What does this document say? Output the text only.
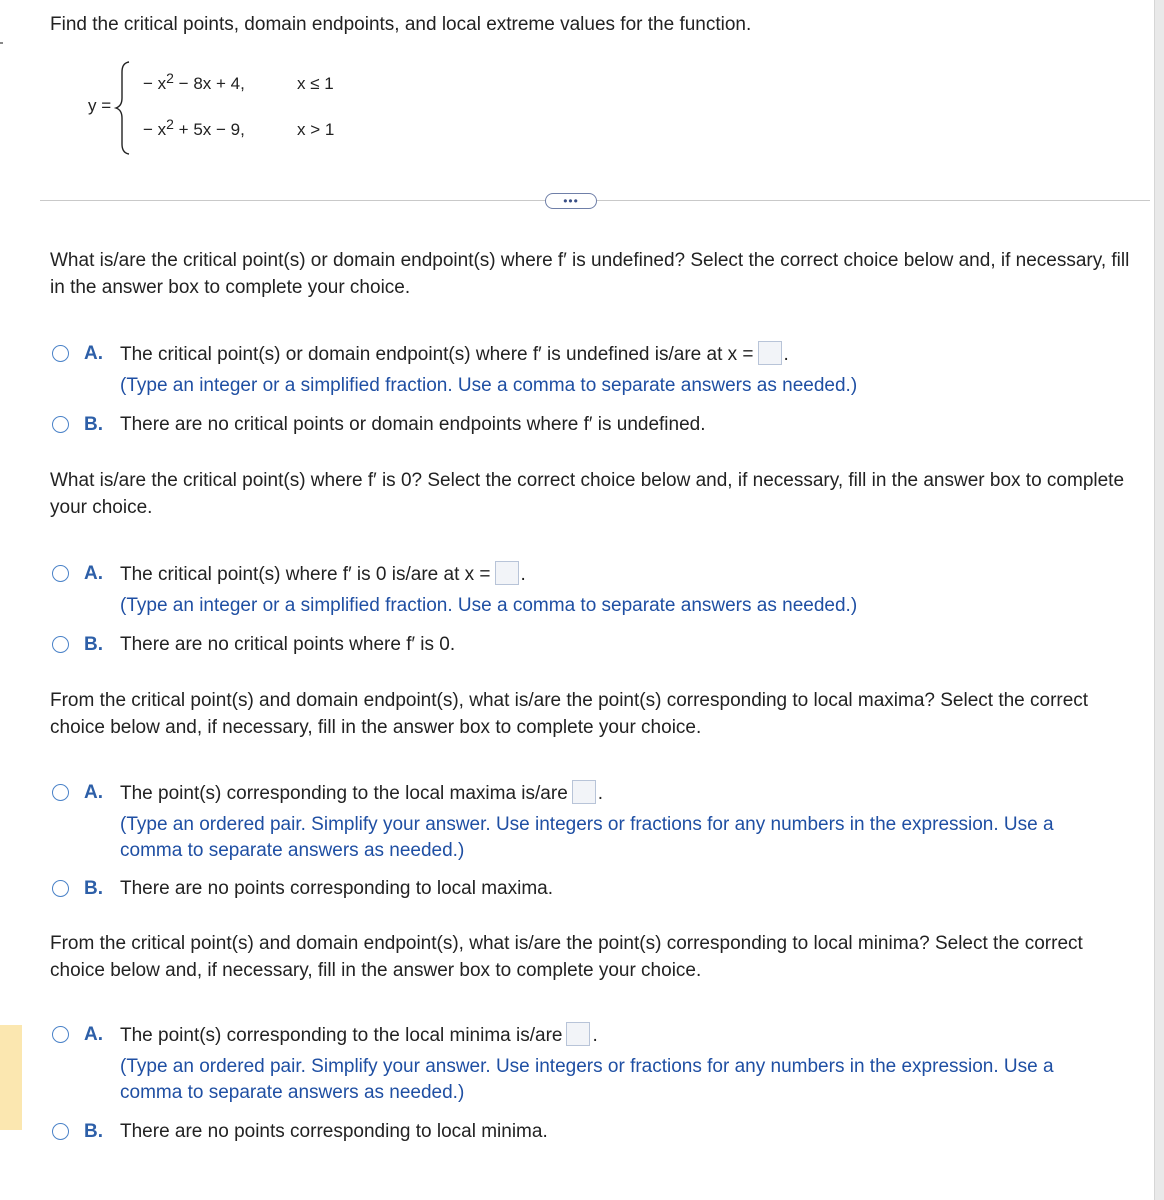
Find the critical points, domain endpoints, and local extreme values for the function.
y =
− $x^2 - 8x + 4$,	x ≤ 1
− $x^2 + 5x - 9$,	x > 1
•••
What is/are the critical point(s) or domain endpoint(s) where f′ is undefined? Select the correct choice below and, if necessary, fill in the answer box to complete your choice.
A. The critical point(s) or domain endpoint(s) where f′ is undefined is/are at x = .
(Type an integer or a simplified fraction. Use a comma to separate answers as needed.)
B. There are no critical points or domain endpoints where f′ is undefined.
What is/are the critical point(s) where f′ is 0? Select the correct choice below and, if necessary, fill in the answer box to complete your choice.
A. The critical point(s) where f′ is 0 is/are at x = .
(Type an integer or a simplified fraction. Use a comma to separate answers as needed.)
B. There are no critical points where f′ is 0.
From the critical point(s) and domain endpoint(s), what is/are the point(s) corresponding to local maxima? Select the correct choice below and, if necessary, fill in the answer box to complete your choice.
A. The point(s) corresponding to the local maxima is/are .
(Type an ordered pair. Simplify your answer. Use integers or fractions for any numbers in the expression. Use a comma to separate answers as needed.)
B. There are no points corresponding to local maxima.
From the critical point(s) and domain endpoint(s), what is/are the point(s) corresponding to local minima? Select the correct choice below and, if necessary, fill in the answer box to complete your choice.
A. The point(s) corresponding to the local minima is/are .
(Type an ordered pair. Simplify your answer. Use integers or fractions for any numbers in the expression. Use a comma to separate answers as needed.)
B. There are no points corresponding to local minima.
